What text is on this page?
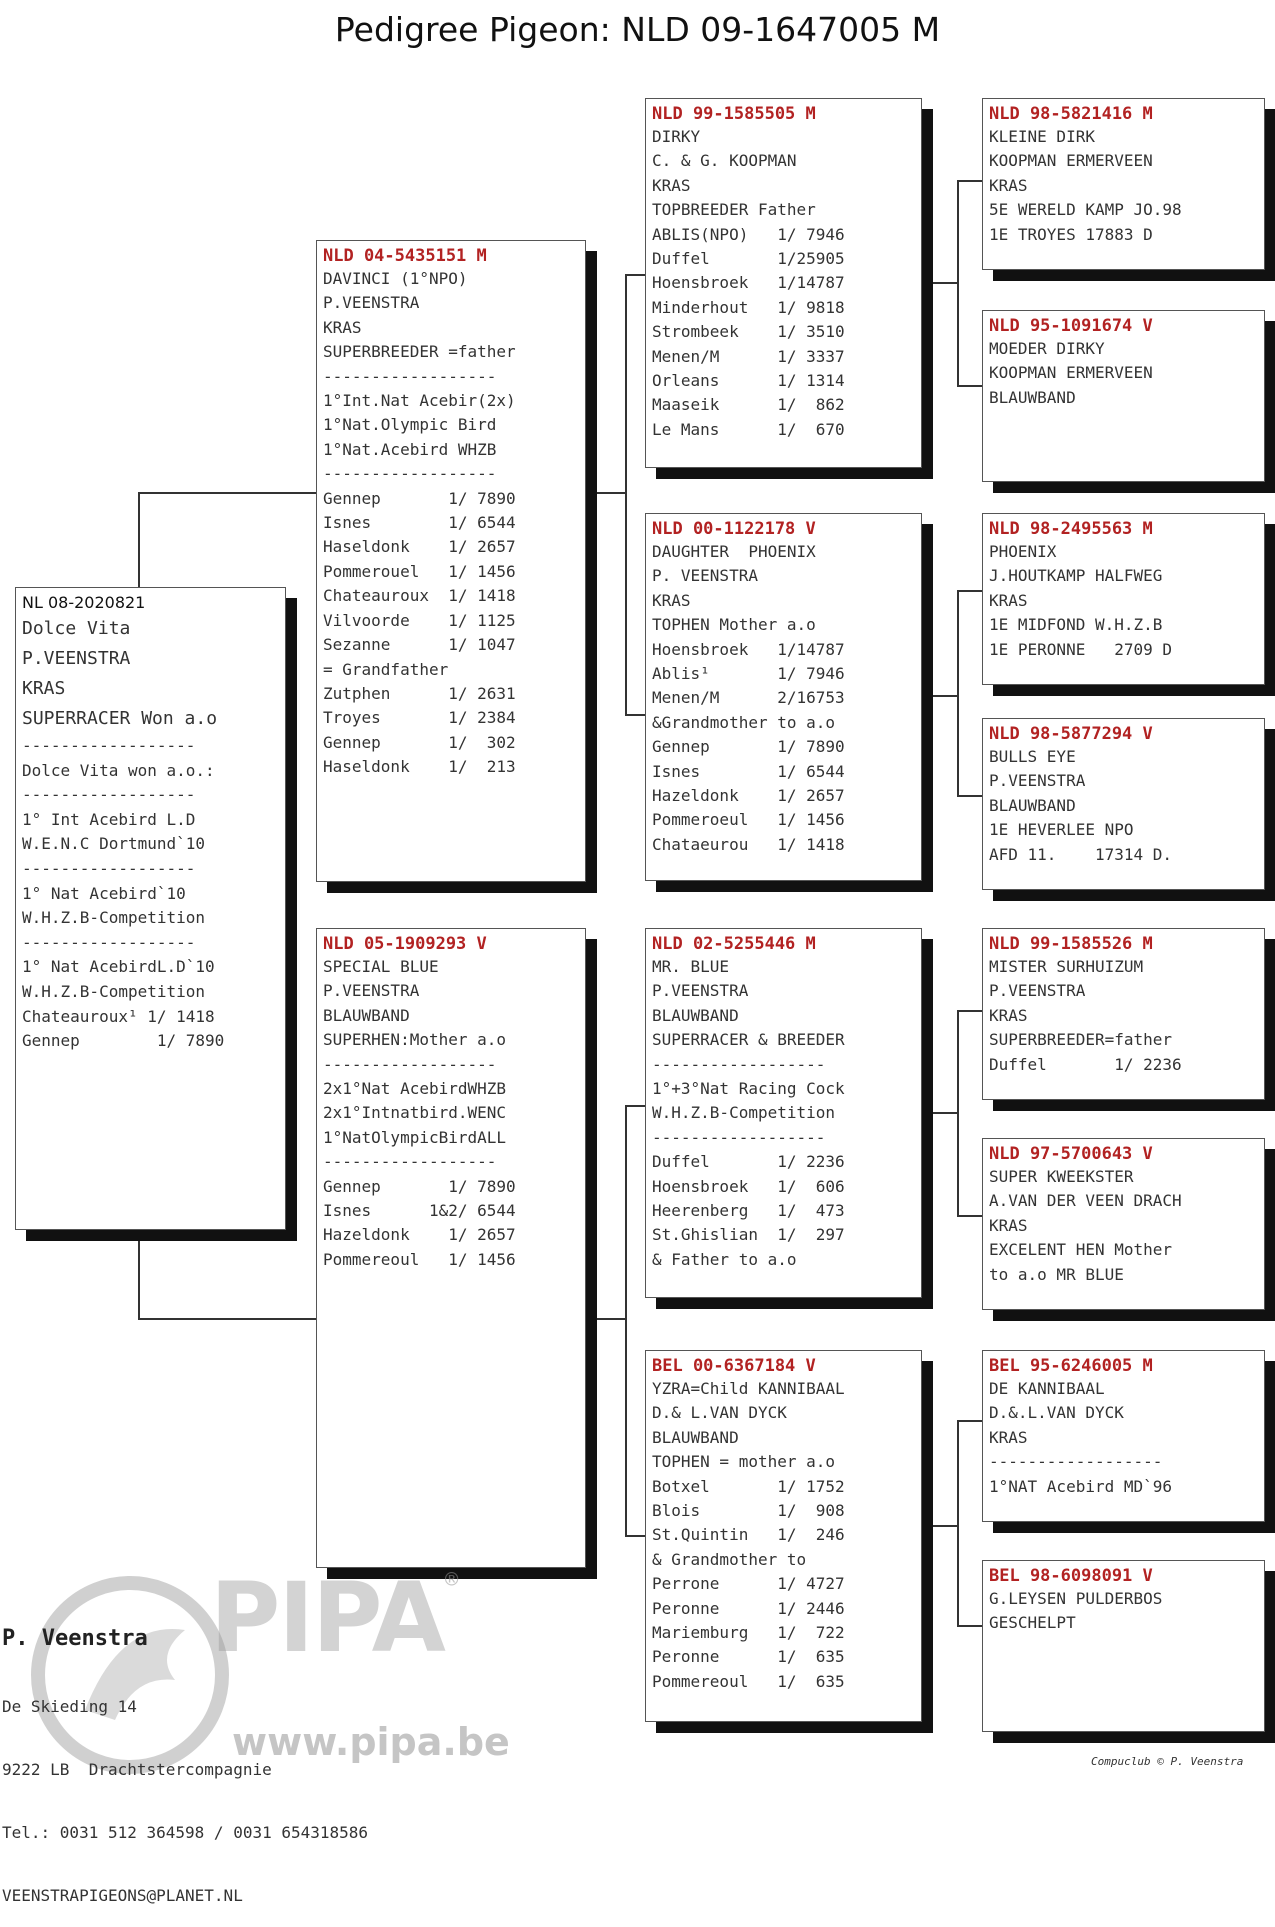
Pedigree Pigeon: NLD 09-1647005 M
NL 08-2020821
Dolce Vita
P.VEENSTRA
KRAS
SUPERRACER Won a.o
------------------
Dolce Vita won a.o.:
------------------
1° Int Acebird L.D
W.E.N.C Dortmund`10
------------------
1° Nat Acebird`10
W.H.Z.B-Competition
------------------
1° Nat AcebirdL.D`10
W.H.Z.B-Competition
Chateauroux¹ 1/ 1418
Gennep        1/ 7890
NLD 04-5435151 M
DAVINCI (1°NPO)
P.VEENSTRA
KRAS
SUPERBREEDER =father
------------------
1°Int.Nat Acebir(2x)
1°Nat.Olympic Bird
1°Nat.Acebird WHZB
------------------
Gennep       1/ 7890
Isnes        1/ 6544
Haseldonk    1/ 2657
Pommerouel   1/ 1456
Chateauroux  1/ 1418
Vilvoorde    1/ 1125
Sezanne      1/ 1047
= Grandfather
Zutphen      1/ 2631
Troyes       1/ 2384
Gennep       1/  302
Haseldonk    1/  213
NLD 05-1909293 V
SPECIAL BLUE
P.VEENSTRA
BLAUWBAND
SUPERHEN:Mother a.o
------------------
2x1°Nat AcebirdWHZB
2x1°Intnatbird.WENC
1°NatOlympicBirdALL
------------------
Gennep       1/ 7890
Isnes      1&2/ 6544
Hazeldonk    1/ 2657
Pommereoul   1/ 1456
NLD 99-1585505 M
DIRKY
C. & G. KOOPMAN
KRAS
TOPBREEDER Father
ABLIS(NPO)   1/ 7946
Duffel       1/25905
Hoensbroek   1/14787
Minderhout   1/ 9818
Strombeek    1/ 3510
Menen/M      1/ 3337
Orleans      1/ 1314
Maaseik      1/  862
Le Mans      1/  670
NLD 00-1122178 V
DAUGHTER  PHOENIX
P. VEENSTRA
KRAS
TOPHEN Mother a.o
Hoensbroek   1/14787
Ablis¹       1/ 7946
Menen/M      2/16753
&Grandmother to a.o
Gennep       1/ 7890
Isnes        1/ 6544
Hazeldonk    1/ 2657
Pommeroeul   1/ 1456
Chataeurou   1/ 1418
NLD 02-5255446 M
MR. BLUE
P.VEENSTRA
BLAUWBAND
SUPERRACER & BREEDER
------------------
1°+3°Nat Racing Cock
W.H.Z.B-Competition
------------------
Duffel       1/ 2236
Hoensbroek   1/  606
Heerenberg   1/  473
St.Ghislian  1/  297
& Father to a.o
BEL 00-6367184 V
YZRA=Child KANNIBAAL
D.& L.VAN DYCK
BLAUWBAND
TOPHEN = mother a.o
Botxel       1/ 1752
Blois        1/  908
St.Quintin   1/  246
& Grandmother to
Perrone      1/ 4727
Peronne      1/ 2446
Mariemburg   1/  722
Peronne      1/  635
Pommereoul   1/  635
NLD 98-5821416 M
KLEINE DIRK
KOOPMAN ERMERVEEN
KRAS
5E WERELD KAMP JO.98
1E TROYES 17883 D
NLD 95-1091674 V
MOEDER DIRKY
KOOPMAN ERMERVEEN
BLAUWBAND
NLD 98-2495563 M
PHOENIX
J.HOUTKAMP HALFWEG
KRAS
1E MIDFOND W.H.Z.B
1E PERONNE   2709 D
NLD 98-5877294 V
BULLS EYE
P.VEENSTRA
BLAUWBAND
1E HEVERLEE NPO
AFD 11.    17314 D.
NLD 99-1585526 M
MISTER SURHUIZUM
P.VEENSTRA
KRAS
SUPERBREEDER=father
Duffel       1/ 2236
NLD 97-5700643 V
SUPER KWEEKSTER
A.VAN DER VEEN DRACH
KRAS
EXCELENT HEN Mother
to a.o MR BLUE
BEL 95-6246005 M
DE KANNIBAAL
D.&.L.VAN DYCK
KRAS
------------------
1°NAT Acebird MD`96
BEL 98-6098091 V
G.LEYSEN PULDERBOS
GESCHELPT
PIPA ®
www.pipa.be

P. Veenstra

De Skieding 14

9222 LB  Drachtstercompagnie

Tel.: 0031 512 364598 / 0031 654318586

VEENSTRAPIGEONS@PLANET.NL

Compuclub © P. Veenstra
